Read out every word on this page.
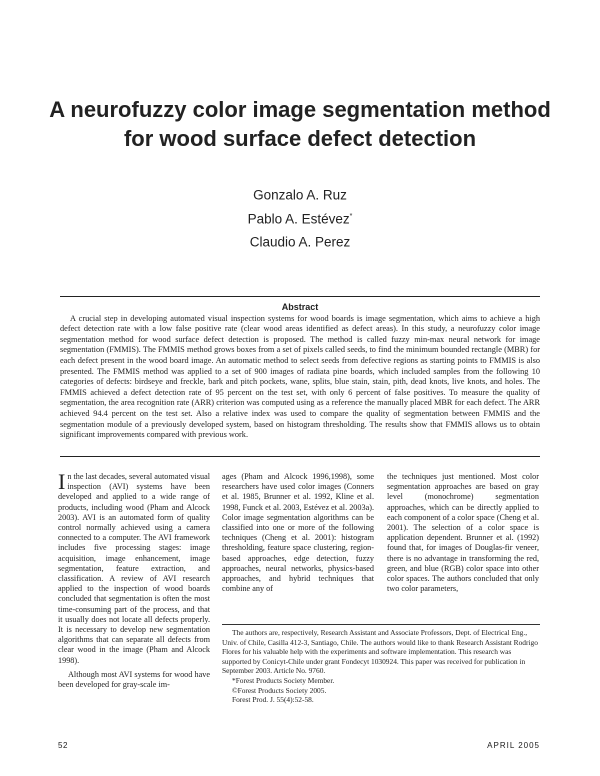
A neurofuzzy color image segmentation method for wood surface defect detection
Gonzalo A. Ruz
Pablo A. Estévez*
Claudio A. Perez
Abstract

A crucial step in developing automated visual inspection systems for wood boards is image segmentation, which aims to achieve a high defect detection rate with a low false positive rate (clear wood areas identified as defect areas). In this study, a neurofuzzy color image segmentation method for wood surface defect detection is proposed. The method is called fuzzy min-max neural network for image segmentation (FMMIS). The FMMIS method grows boxes from a set of pixels called seeds, to find the minimum bounded rectangle (MBR) for each defect present in the wood board image. An automatic method to select seeds from defective regions as starting points to FMMIS is also presented. The FMMIS method was applied to a set of 900 images of radiata pine boards, which included samples from the following 10 categories of defects: birdseye and freckle, bark and pitch pockets, wane, splits, blue stain, stain, pith, dead knots, live knots, and holes. The FMMIS achieved a defect detection rate of 95 percent on the test set, with only 6 percent of false positives. To measure the quality of segmentation, the area recognition rate (ARR) criterion was computed using as a reference the manually placed MBR for each defect. The ARR achieved 94.4 percent on the test set. Also a relative index was used to compare the quality of segmentation between FMMIS and the segmentation module of a previously developed system, based on histogram thresholding. The results show that FMMIS allows us to obtain significant improvements compared with previous work.

In the last decades, several automated visual inspection (AVI) systems have been developed and applied to a wide range of products, including wood (Pham and Alcock 2003). AVI is an automated form of quality control normally achieved using a camera connected to a computer. The AVI framework includes five processing stages: image acquisition, image enhancement, image segmentation, feature extraction, and classification. A review of AVI research applied to the inspection of wood boards concluded that segmentation is often the most time-consuming part of the process, and that it usually does not locate all defects properly. It is necessary to develop new segmentation algorithms that can separate all defects from clear wood in the image (Pham and Alcock 1998).

Although most AVI systems for wood have been developed for gray-scale im-

ages (Pham and Alcock 1996,1998), some researchers have used color images (Conners et al. 1985, Brunner et al. 1992, Kline et al. 1998, Funck et al. 2003, Estévez et al. 2003a). Color image segmentation algorithms can be classified into one or more of the following techniques (Cheng et al. 2001): histogram thresholding, feature space clustering, region-based approaches, edge detection, fuzzy approaches, neural networks, physics-based approaches, and hybrid techniques that combine any of

the techniques just mentioned. Most color segmentation approaches are based on gray level (monochrome) segmentation approaches, which can be directly applied to each component of a color space (Cheng et al. 2001). The selection of a color space is application dependent. Brunner et al. (1992) found that, for images of Douglas-fir veneer, there is no advantage in transforming the red, green, and blue (RGB) color space into other color spaces. The authors concluded that only two color parameters,

The authors are, respectively, Research Assistant and Associate Professors, Dept. of Electrical Eng., Univ. of Chile, Casilla 412-3, Santiago, Chile. The authors would like to thank Research Assistant Rodrigo Flores for his valuable help with the experiments and software implementation. This research was supported by Conicyt-Chile under grant Fondecyt 1030924. This paper was received for publication in September 2003. Article No. 9760.

*Forest Products Society Member.

©Forest Products Society 2005.

Forest Prod. J. 55(4):52-58.

52	APRIL 2005
